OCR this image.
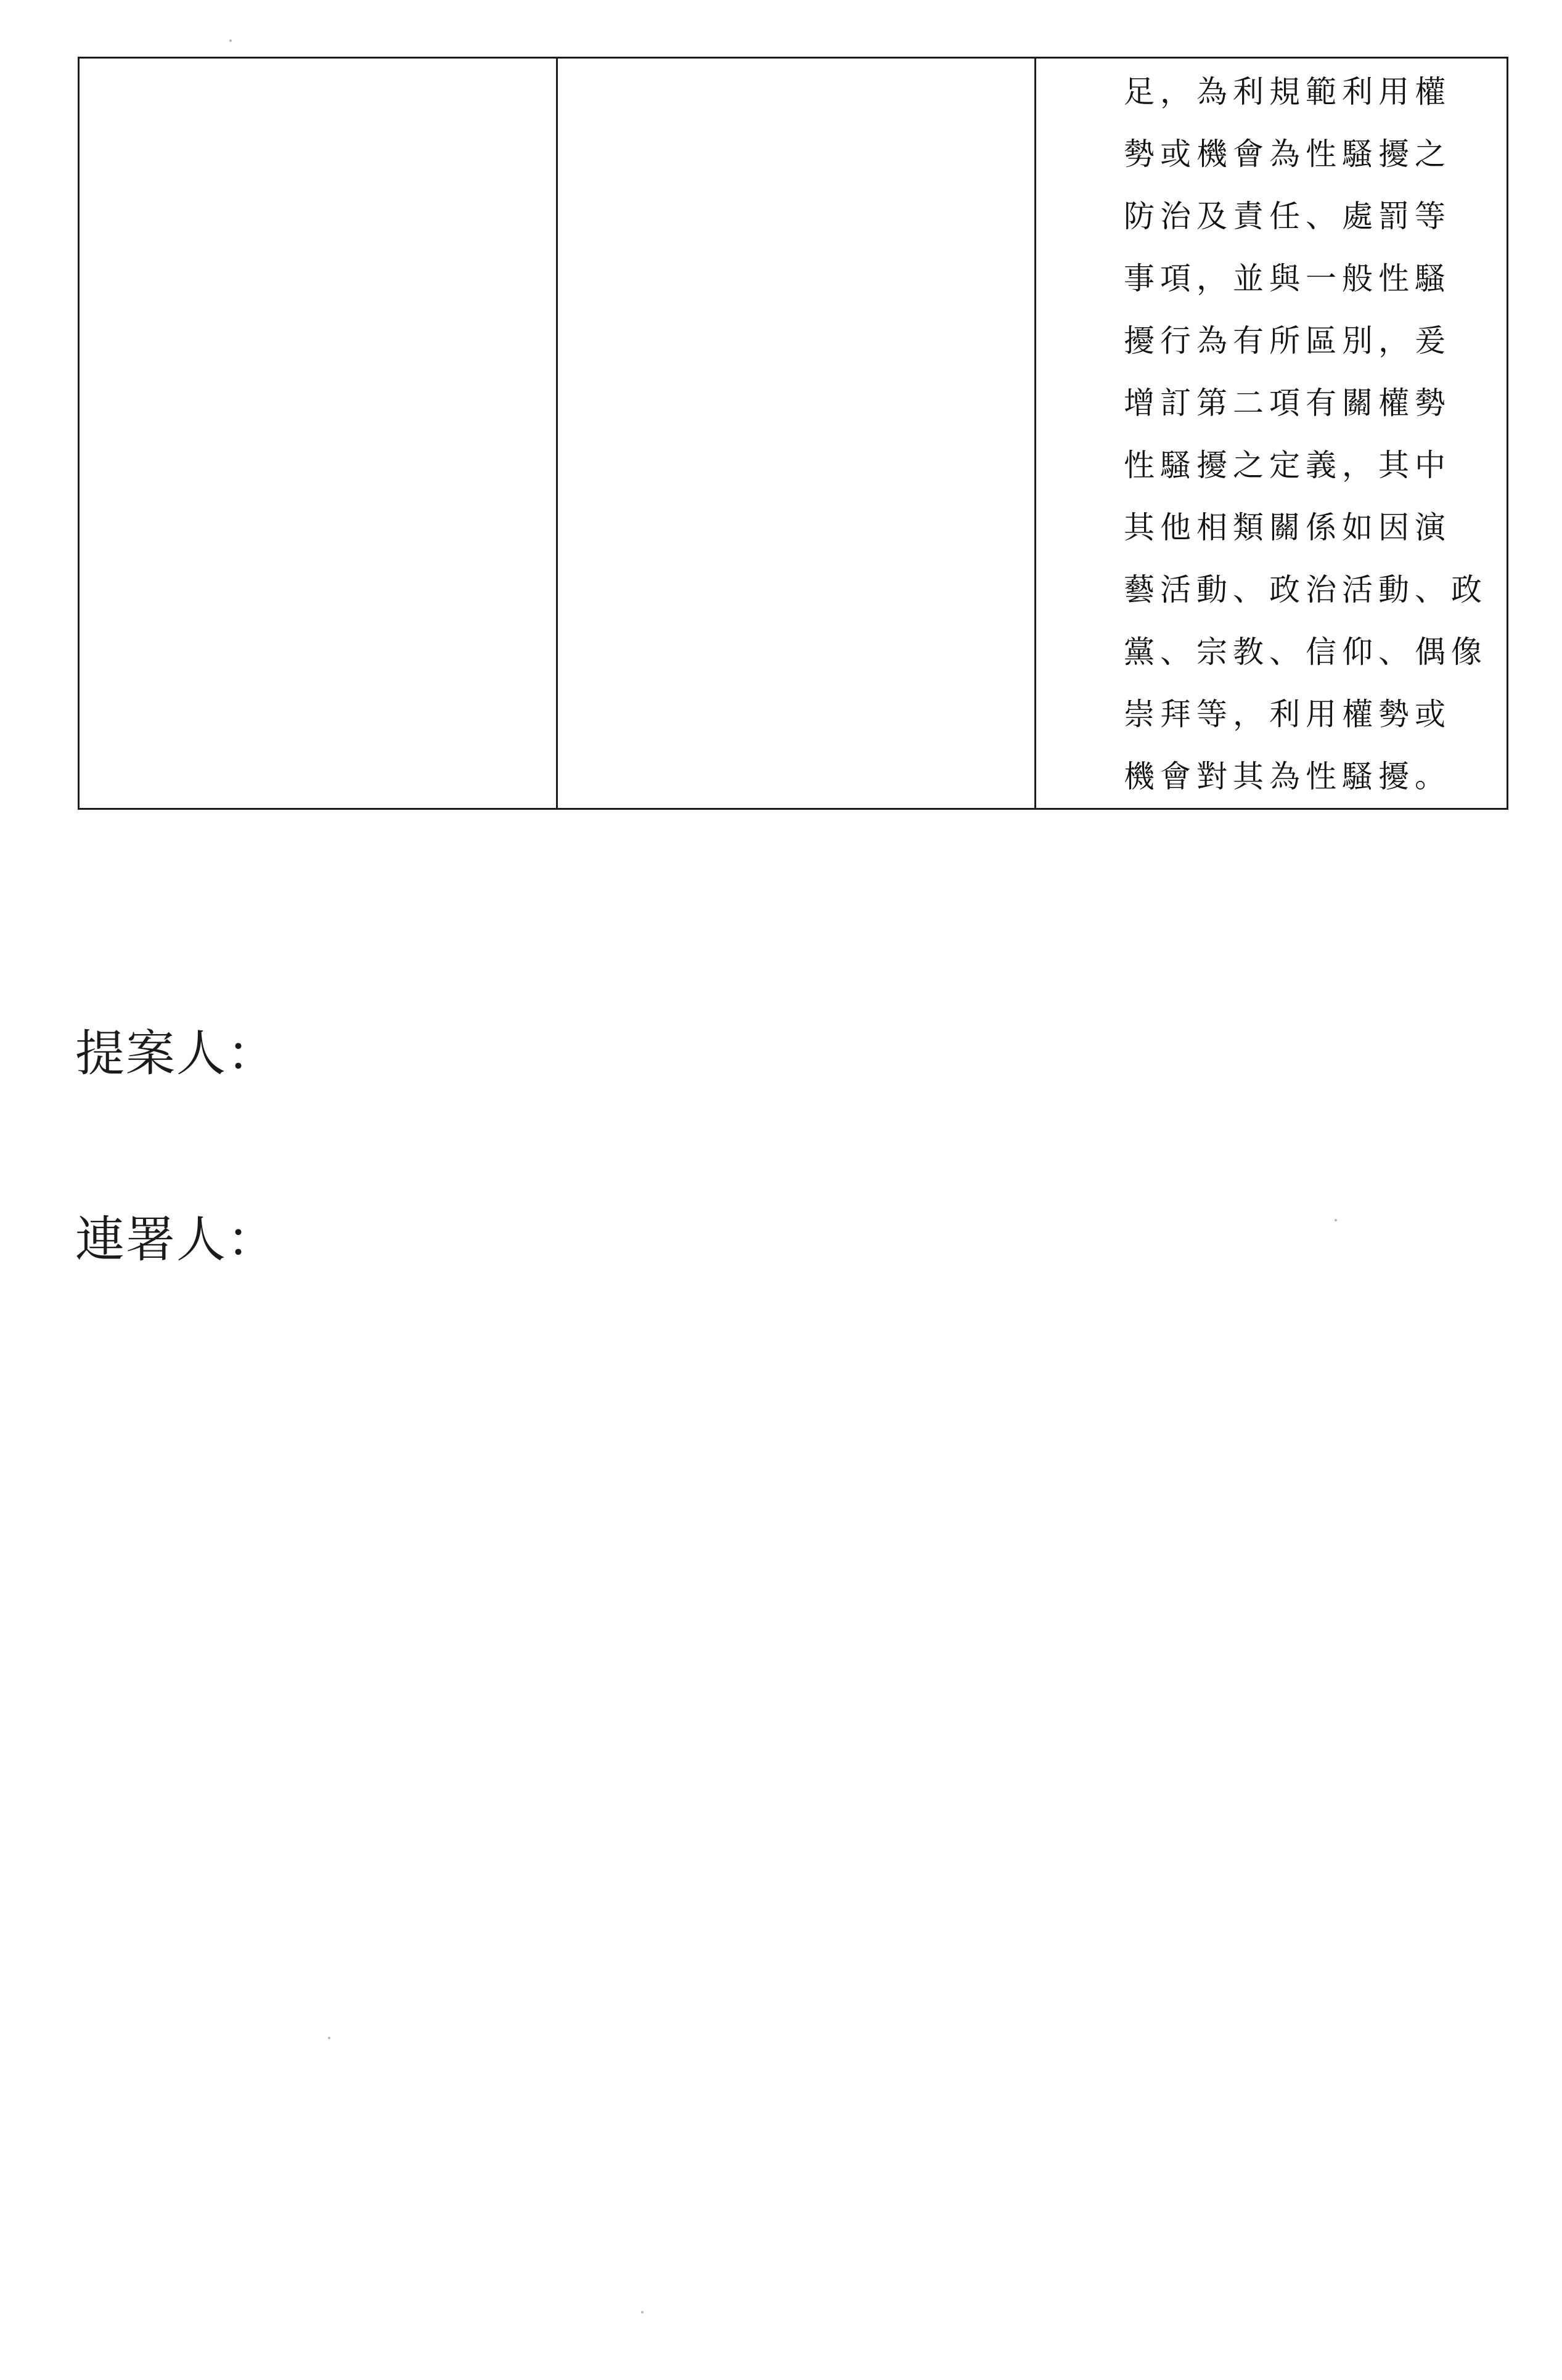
足，為利規範利用權
勢或機會為性騷擾之
防治及責任、處罰等
事項，並與一般性騷
擾行為有所區別，爰
增訂第二項有關權勢
性騷擾之定義，其中
其他相類關係如因演
藝活動、政治活動、政
黨、宗教、信仰、偶像
崇拜等，利用權勢或
機會對其為性騷擾。
提案人：
連署人：
